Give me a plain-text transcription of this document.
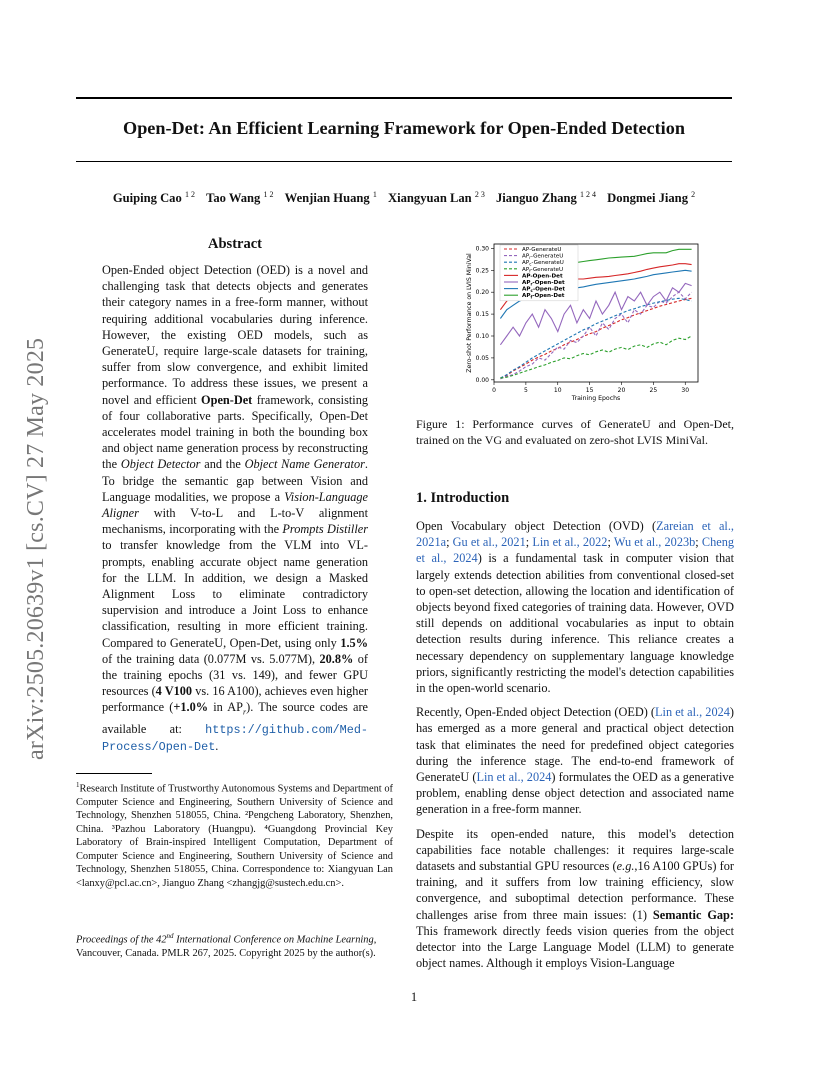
Open-Det: An Efficient Learning Framework for Open-Ended Detection
Guiping Cao $^{1 2}$ Tao Wang $^{1 2}$ Wenjian Huang $^1$ Xiangyuan Lan $^{2 3}$ Jianguo Zhang $^{1 2 4}$ Dongmei Jiang $^2$
arXiv:2505.20639v1 [cs.CV] 27 May 2025
Abstract
Open-Ended object Detection (OED) is a novel and challenging task that detects objects and generates their category names in a free-form manner, without requiring additional vocabularies during inference. However, the existing OED models, such as GenerateU, require large-scale datasets for training, suffer from slow convergence, and exhibit limited performance. To address these issues, we present a novel and efficient Open-Det framework, consisting of four collaborative parts. Specifically, Open-Det accelerates model training in both the bounding box and object name generation process by reconstructing the Object Detector and the Object Name Generator. To bridge the semantic gap between Vision and Language modalities, we propose a Vision-Language Aligner with V-to-L and L-to-V alignment mechanisms, incorporating with the Prompts Distiller to transfer knowledge from the VLM into VL-prompts, enabling accurate object name generation for the LLM. In addition, we design a Masked Alignment Loss to eliminate contradictory supervision and introduce a Joint Loss to enhance classification, resulting in more efficient training. Compared to GenerateU, Open-Det, using only 1.5% of the training data (0.077M vs. 5.077M), 20.8% of the training epochs (31 vs. 149), and fewer GPU resources (4 V100 vs. 16 A100), achieves even higher performance (+1.0% in $AP_r$). The source codes are available at: https://github.com/Med-Process/Open-Det.
$^1$Research Institute of Trustworthy Autonomous Systems and Department of Computer Science and Engineering, Southern University of Science and Technology, Shenzhen 518055, China. ²Pengcheng Laboratory, Shenzhen, China. ³Pazhou Laboratory (Huangpu). ⁴Guangdong Provincial Key Laboratory of Brain-inspired Intelligent Computation, Department of Computer Science and Engineering, Southern University of Science and Technology, Shenzhen 518055, China. Correspondence to: Xiangyuan Lan <lanxy@pcl.ac.cn>, Jianguo Zhang <zhangjg@sustech.edu.cn>.
Proceedings of the 42nd International Conference on Machine Learning, Vancouver, Canada. PMLR 267, 2025. Copyright 2025 by the author(s).
0	5	10	15	20	25	30
0.00
0.05
0.10
0.15
0.20
0.25
0.30
Training Epochs
Zero-shot Performance on LVIS MiniVal
AP-GenerateU
$AP_r$-GenerateU
$AP_c$-GenerateU
$AP_f$-GenerateU
AP-Open-Det
$AP_r-Open$-Det
$AP_c-Open$-Det
$AP_f-Open$-Det
Figure 1: Performance curves of GenerateU and Open-Det, trained on the VG and evaluated on zero-shot LVIS MiniVal.
1. Introduction

Open Vocabulary object Detection (OVD) (Zareian et al., 2021a; Gu et al., 2021; Lin et al., 2022; Wu et al., 2023b; Cheng et al., 2024) is a fundamental task in computer vision that largely extends detection abilities from conventional closed-set to open-set detection, allowing the location and identification of objects beyond fixed categories of training data. However, OVD still depends on additional vocabularies as input to obtain detection results during inference. This reliance creates a necessary dependency on supplementary language knowledge priors, significantly restricting the model's detection capabilities in the open-world scenario.

Recently, Open-Ended object Detection (OED) (Lin et al., 2024) has emerged as a more general and practical object detection task that eliminates the need for predefined object categories during the inference stage. The end-to-end framework of GenerateU (Lin et al., 2024) formulates the OED as a generative problem, enabling dense object detection and associated name generation in a free-form manner.

Despite its open-ended nature, this model's detection capabilities face notable challenges: it requires large-scale datasets and substantial GPU resources (e.g.,16 A100 GPUs) for training, and it suffers from low training efficiency, slow convergence, and suboptimal detection performance. These challenges arise from three main issues: (1) Semantic Gap: This framework directly feeds vision queries from the object detector into the Large Language Model (LLM) to generate object names. Although it employs Vision-Language

1
